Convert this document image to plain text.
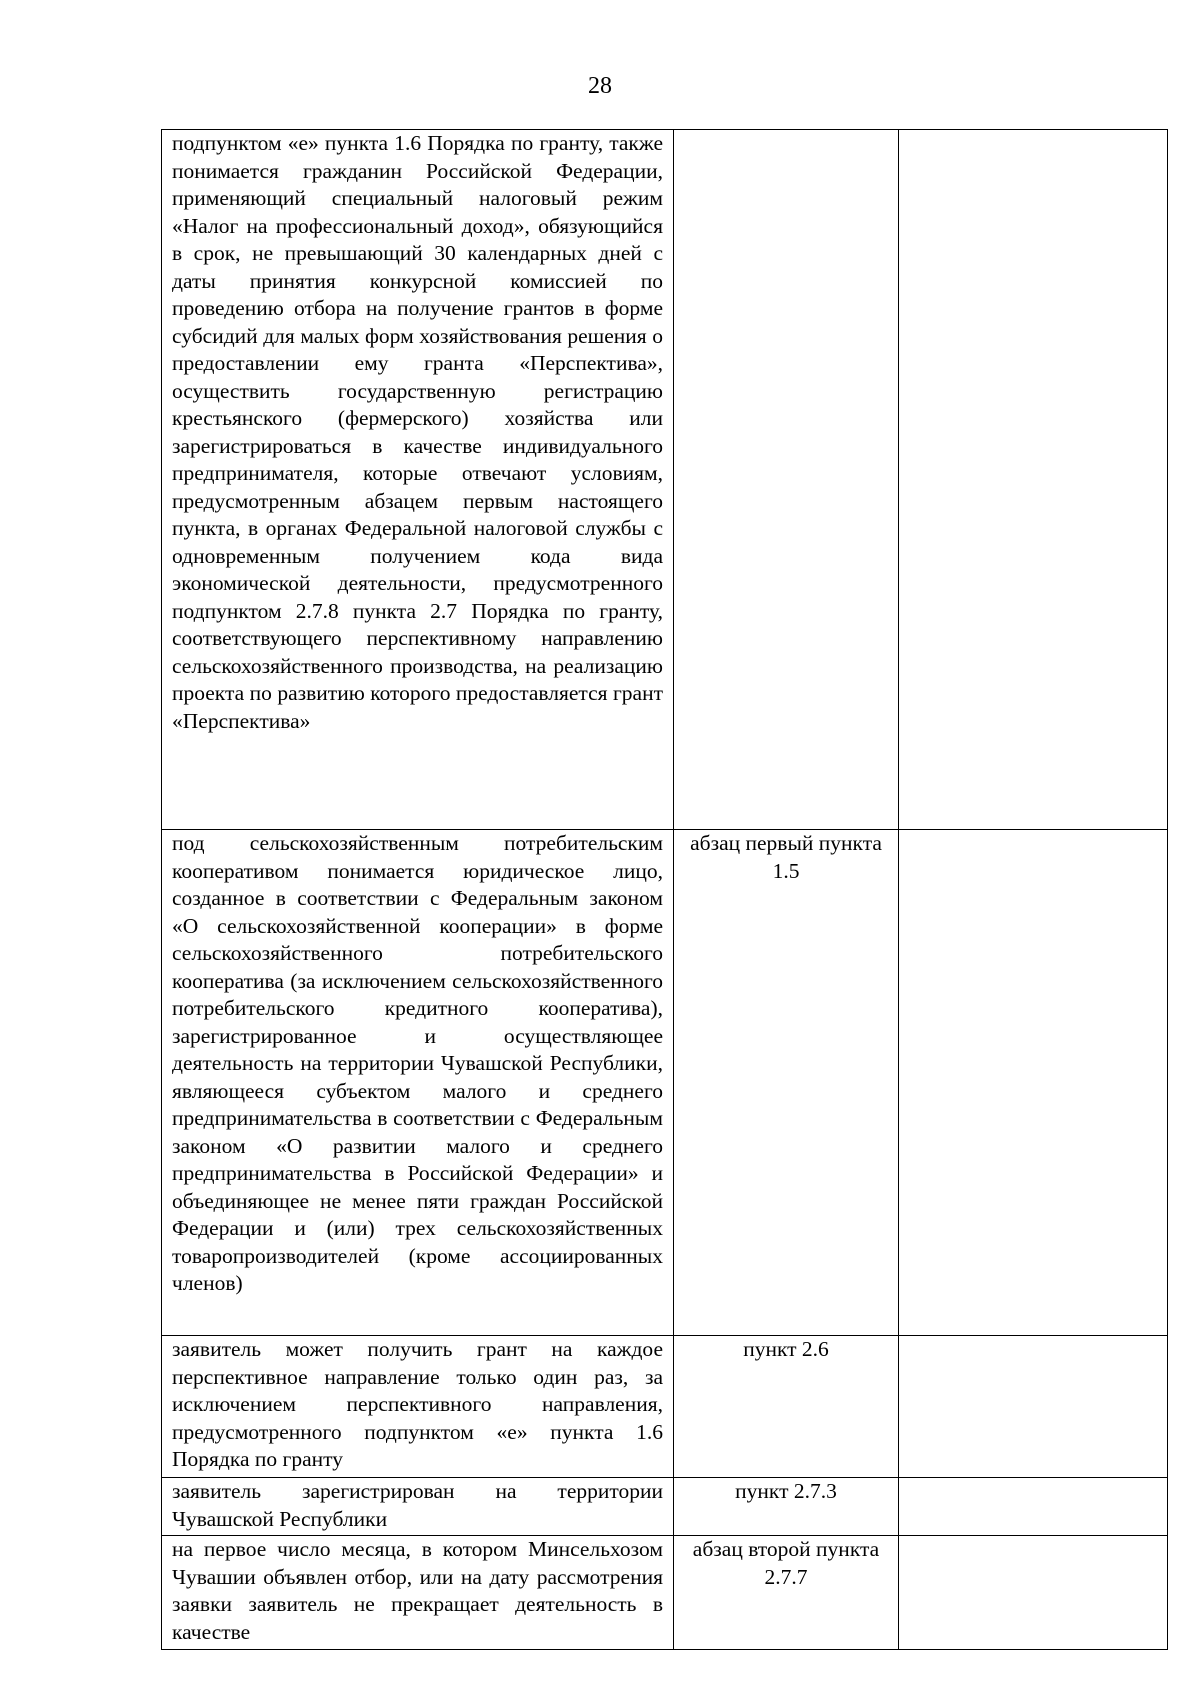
28
подпунктом «е» пункта 1.6 Порядка по гранту, также понимается гражданин Российской Федерации, применяющий специальный налоговый режим «Налог на профессиональный доход», обязующийся в срок, не превышающий 30 календарных дней с даты принятия конкурсной комиссией по проведению отбора на получение грантов в форме субсидий для малых форм хозяйствования решения о предоставлении ему гранта «Перспектива», осуществить государственную регистрацию крестьянского (фермерского) хозяйства или зарегистрироваться в качестве индивидуального предпринимателя, которые отвечают условиям, предусмотренным абзацем первым настоящего пункта, в органах Федеральной налоговой службы с одновременным получением кода вида экономической деятельности, предусмотренного подпунктом 2.7.8 пункта 2.7 Порядка по гранту, соответствующего перспективному направлению сельскохозяйственного производства, на реализацию проекта по развитию которого предоставляется грант «Перспектива»		
под сельскохозяйственным потребительским кооперативом понимается юридическое лицо, созданное в соответствии с Федеральным законом «О сельскохозяйственной кооперации» в форме сельскохозяйственного потребительского кооператива (за исключением сельскохозяйственного потребительского кредитного кооператива), зарегистрированное и осуществляющее деятельность на территории Чувашской Республики, являющееся субъектом малого и среднего предпринимательства в соответствии с Федеральным законом «О развитии малого и среднего предпринимательства в Российской Федерации» и объединяющее не менее пяти граждан Российской Федерации и (или) трех сельскохозяйственных товаропроизводителей (кроме ассоциированных членов)	абзац первый пункта 1.5	
заявитель может получить грант на каждое перспективное направление только один раз, за исключением перспективного направления, предусмотренного подпунктом «е» пункта 1.6 Порядка по гранту	пункт 2.6	
заявитель зарегистрирован на территории Чувашской Республики	пункт 2.7.3	
на первое число месяца, в котором Минсельхозом Чувашии объявлен отбор, или на дату рассмотрения заявки заявитель не прекращает деятельность в качестве	абзац второй пункта 2.7.7	
